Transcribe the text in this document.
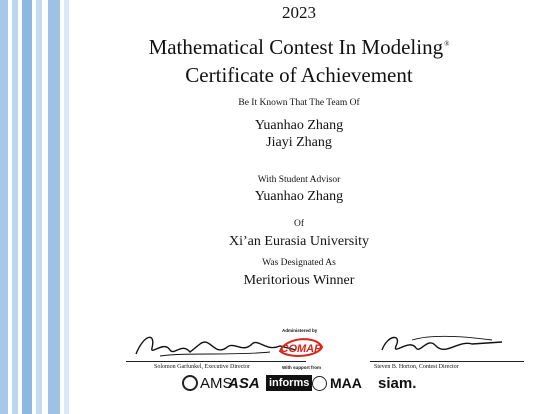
2023
Mathematical Contest In Modeling®
Certificate of Achievement
Be It Known That The Team Of
Yuanhao Zhang
Jiayi Zhang
With Student Advisor
Yuanhao Zhang
Of
Xi’an Eurasia University
Was Designated As
Meritorious Winner
Solomon Garfunkel, Executive Director
Administered by
COMAP
With support from	Steven B. Horton, Contest Director
AMS
ASA informs MAA siam.
